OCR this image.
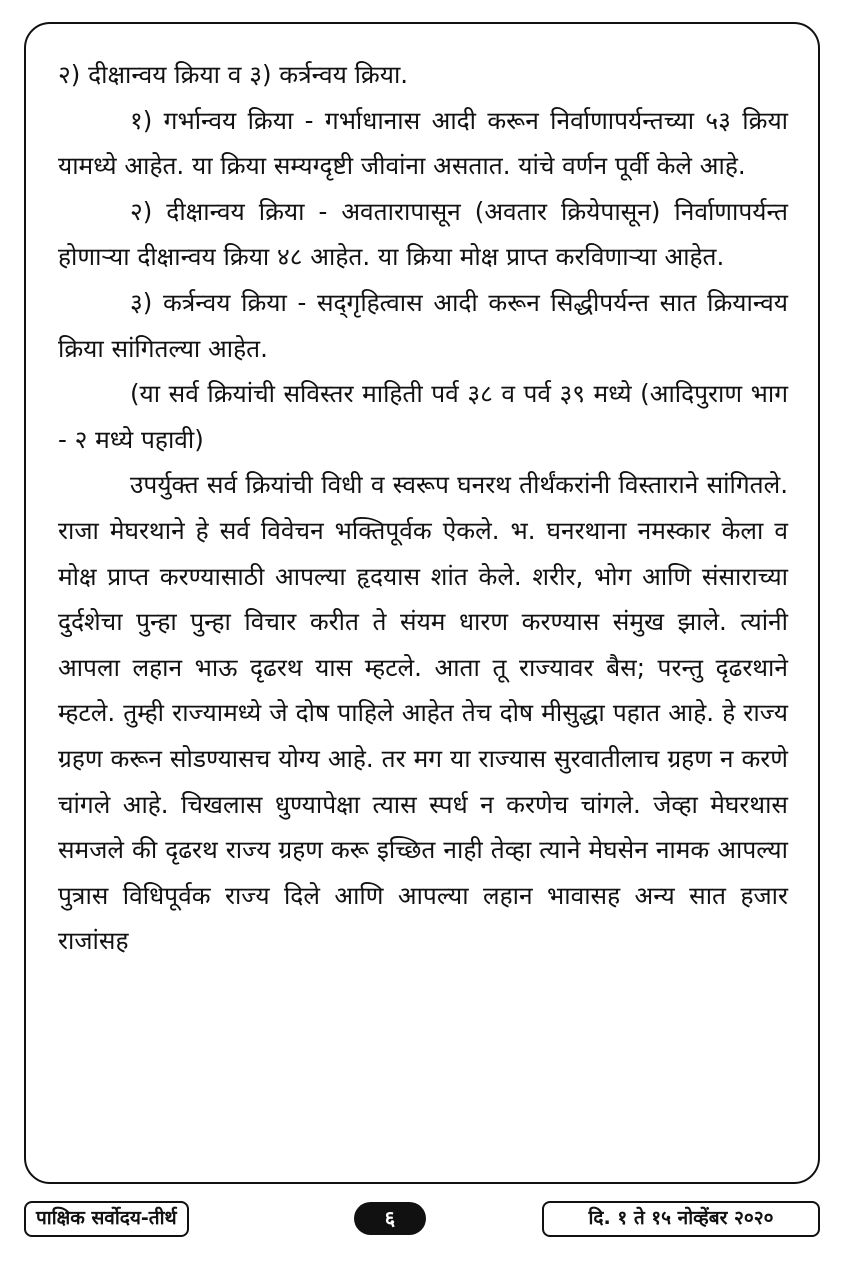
२) दीक्षान्वय क्रिया व ३) कर्त्रन्वय क्रिया.

१) गर्भान्वय क्रिया - गर्भाधानास आदी करून निर्वाणापर्यन्तच्या ५३ क्रिया यामध्ये आहेत. या क्रिया सम्यग्दृष्टी जीवांना असतात. यांचे वर्णन पूर्वी केले आहे.

२) दीक्षान्वय क्रिया - अवतारापासून (अवतार क्रियेपासून) निर्वाणापर्यन्त होणाऱ्या दीक्षान्वय क्रिया ४८ आहेत. या क्रिया मोक्ष प्राप्त करविणाऱ्या आहेत.

३) कर्त्रन्वय क्रिया - सद्‌गृहित्वास आदी करून सिद्धीपर्यन्त सात क्रियान्वय क्रिया सांगितल्या आहेत.

(या सर्व क्रियांची सविस्तर माहिती पर्व ३८ व पर्व ३९ मध्ये (आदिपुराण भाग - २ मध्ये पहावी)

उपर्युक्त सर्व क्रियांची विधी व स्वरूप घनरथ तीर्थंकरांनी विस्ताराने सांगितले. राजा मेघरथाने हे सर्व विवेचन भक्तिपूर्वक ऐकले. भ. घनरथाना नमस्कार केला व मोक्ष प्राप्त करण्यासाठी आपल्या हृदयास शांत केले. शरीर, भोग आणि संसाराच्या दुर्दशेचा पुन्हा पुन्हा विचार करीत ते संयम धारण करण्यास संमुख झाले. त्यांनी आपला लहान भाऊ दृढरथ यास म्हटले. आता तू राज्यावर बैस; परन्तु दृढरथाने म्हटले. तुम्ही राज्यामध्ये जे दोष पाहिले आहेत तेच दोष मीसुद्धा पहात आहे. हे राज्य ग्रहण करून सोडण्यासच योग्य आहे. तर मग या राज्यास सुरवातीलाच ग्रहण न करणे चांगले आहे. चिखलास धुण्यापेक्षा त्यास स्पर्ध न करणेच चांगले. जेव्हा मेघरथास समजले की दृढरथ राज्य ग्रहण करू इच्छित नाही तेव्हा त्याने मेघसेन नामक आपल्या पुत्रास विधिपूर्वक राज्य दिले आणि आपल्या लहान भावासह अन्य सात हजार राजांसह

पाक्षिक सर्वोदय-तीर्थ	६	दि. १ ते १५ नोव्हेंबर २०२०
